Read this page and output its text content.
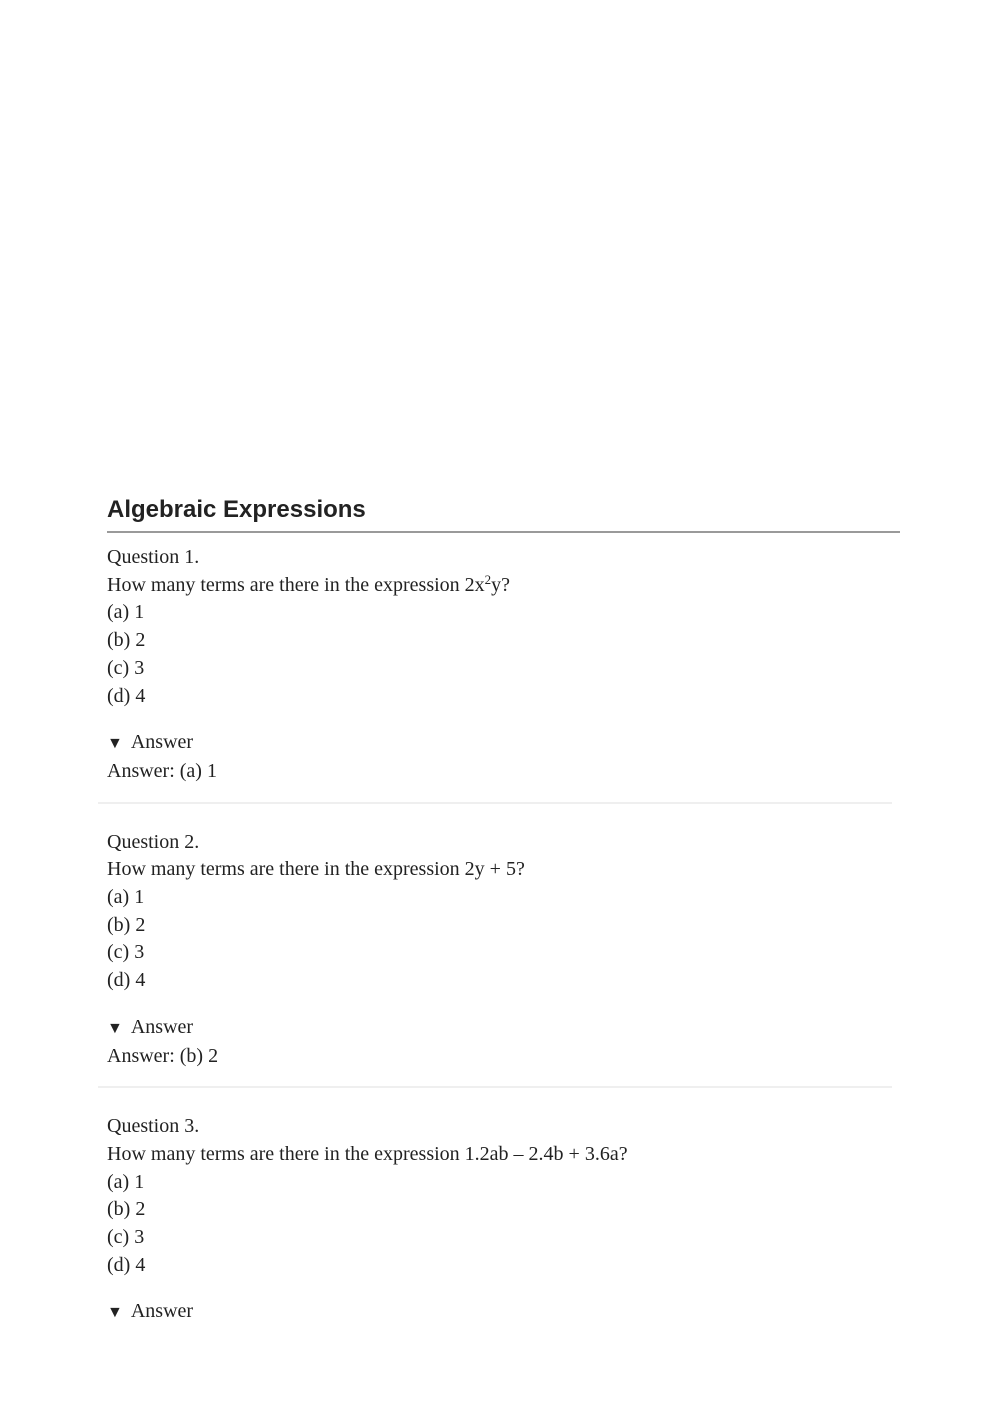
Algebraic Expressions
Question 1.
How many terms are there in the expression $2x^2y$?
(a) 1
(b) 2
(c) 3
(d) 4
▼ Answer
Answer: (a) 1
Question 2.
How many terms are there in the expression 2y + 5?
(a) 1
(b) 2
(c) 3
(d) 4
▼ Answer
Answer: (b) 2
Question 3.
How many terms are there in the expression 1.2ab – 2.4b + 3.6a?
(a) 1
(b) 2
(c) 3
(d) 4
▼ Answer
